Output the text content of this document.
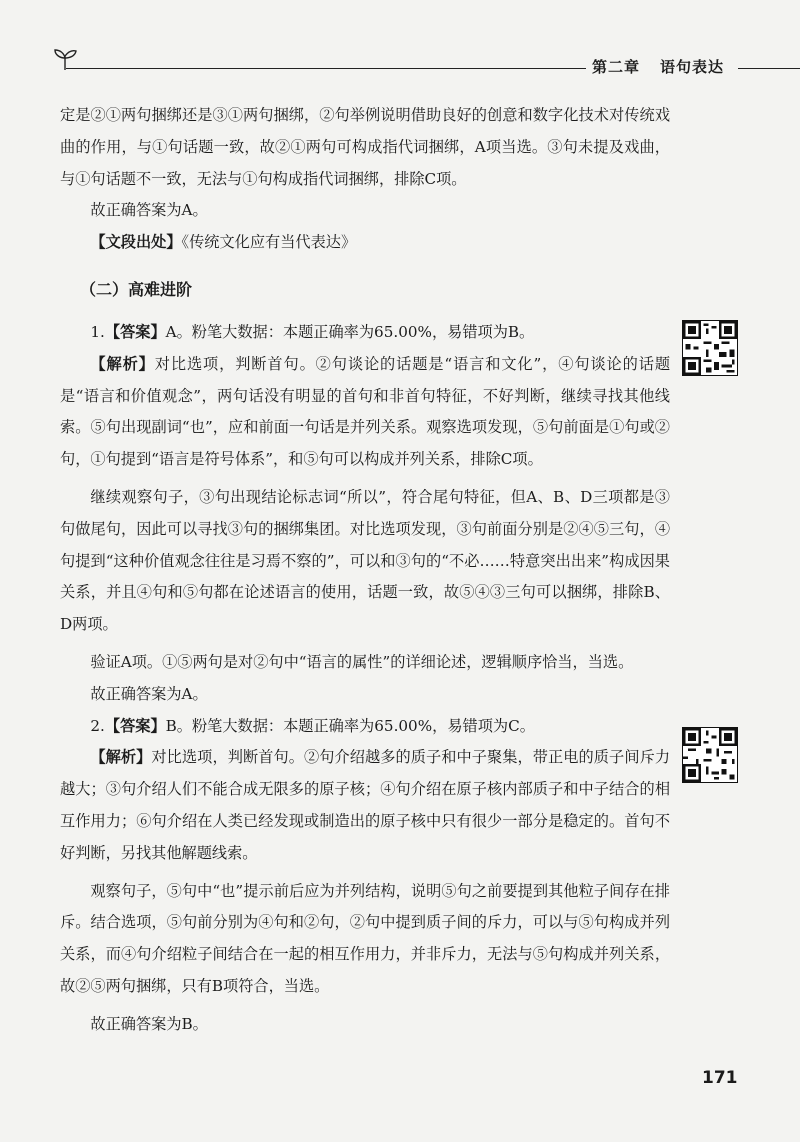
第二章 语句表达

定是②①两句捆绑还是③①两句捆绑，②句举例说明借助良好的创意和数字化技术对传统戏曲的作用，与①句话题一致，故②①两句可构成指代词捆绑，A项当选。③句未提及戏曲，与①句话题不一致，无法与①句构成指代词捆绑，排除C项。

故正确答案为A。

【文段出处】《传统文化应有当代表达》

（二）高难进阶

1.【答案】A。粉笔大数据：本题正确率为65.00%，易错项为B。

【解析】对比选项，判断首句。②句谈论的话题是“语言和文化”，④句谈论的话题是“语言和价值观念”，两句话没有明显的首句和非首句特征，不好判断，继续寻找其他线索。⑤句出现副词“也”，应和前面一句话是并列关系。观察选项发现，⑤句前面是①句或②句，①句提到“语言是符号体系”，和⑤句可以构成并列关系，排除C项。

继续观察句子，③句出现结论标志词“所以”，符合尾句特征，但A、B、D三项都是③句做尾句，因此可以寻找③句的捆绑集团。对比选项发现，③句前面分别是②④⑤三句，④句提到“这种价值观念往往是习焉不察的”，可以和③句的“不必……特意突出出来”构成因果关系，并且④句和⑤句都在论述语言的使用，话题一致，故⑤④③三句可以捆绑，排除B、D两项。

验证A项。①⑤两句是对②句中“语言的属性”的详细论述，逻辑顺序恰当，当选。

故正确答案为A。

2.【答案】B。粉笔大数据：本题正确率为65.00%，易错项为C。

【解析】对比选项，判断首句。②句介绍越多的质子和中子聚集，带正电的质子间斥力越大；③句介绍人们不能合成无限多的原子核；④句介绍在原子核内部质子和中子结合的相互作用力；⑥句介绍在人类已经发现或制造出的原子核中只有很少一部分是稳定的。首句不好判断，另找其他解题线索。

观察句子，⑤句中“也”提示前后应为并列结构，说明⑤句之前要提到其他粒子间存在排斥。结合选项，⑤句前分别为④句和②句，②句中提到质子间的斥力，可以与⑤句构成并列关系，而④句介绍粒子间结合在一起的相互作用力，并非斥力，无法与⑤句构成并列关系，故②⑤两句捆绑，只有B项符合，当选。

故正确答案为B。

171
